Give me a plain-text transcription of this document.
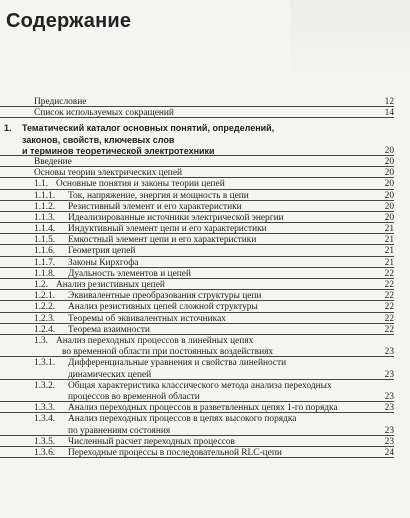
Содержание
Предисловие	12
Список используемых сокращений	14
1. Тематический каталог основных понятий, определений,
законов, свойств, ключевых слов
и терминов теоретической электротехники	20
Введение	20
Основы теории электрических цепей	20
1.1. Основные понятия и законы теории цепей	20
1.1.1. Ток, напряжение, энергия и мощность в цепи	20
1.1.2. Резистивный элемент и его характеристики	20
1.1.3. Идеализированные источники электрической энергии	20
1.1.4. Индуктивный элемент цепи и его характеристики	21
1.1.5. Емкостный элемент цепи и его характеристики	21
1.1.6. Геометрия цепей	21
1.1.7. Законы Кирхгофа	21
1.1.8. Дуальность элементов и цепей	22
1.2. Анализ резистивных цепей	22
1.2.1. Эквивалентные преобразования структуры цепи	22
1.2.2. Анализ резистивных цепей сложной структуры	22
1.2.3. Теоремы об эквивалентных источниках	22
1.2.4. Теорема взаимности	22
1.3. Анализ переходных процессов в линейных цепях
во временной области при постоянных воздействиях	23
1.3.1. Дифференциальные уравнения и свойства линейности
динамических цепей	23
1.3.2. Общая характеристика классического метода анализа переходных
процессов во временной области	23
1.3.3. Анализ переходных процессов в разветвленных цепях 1-го порядка	23
1.3.4. Анализ переходных процессов в цепях высокого порядка
по уравнениям состояния	23
1.3.5. Численный расчет переходных процессов	23
1.3.6. Переходные процессы в последовательной RLC-цепи	24
